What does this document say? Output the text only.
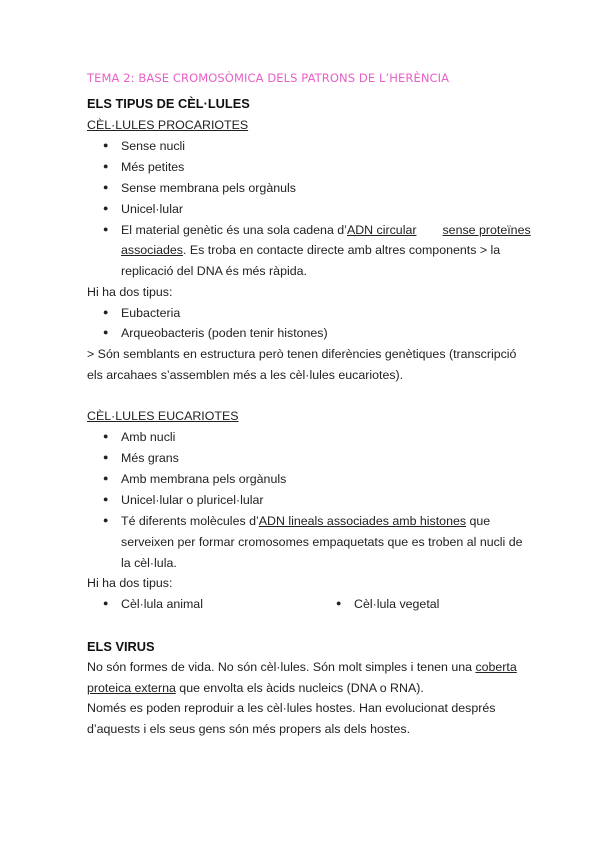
TEMA 2: BASE CROMOSÒMICA DELS PATRONS DE L’HERÈNCIA
ELS TIPUS DE CÈL·LULES
CÈL·LULES PROCARIOTES
● Sense nucli
● Més petites
● Sense membrana pels orgànuls
● Unicel·lular
● El material genètic és una sola cadena d’ADN circular sense proteïnes
associades. Es troba en contacte directe amb altres components > la
replicació del DNA és més ràpida.
Hi ha dos tipus:
● Eubacteria
● Arqueobacteris (poden tenir histones)
> Són semblants en estructura però tenen diferències genètiques (transcripció
els arcahaes s’assemblen més a les cèl·lules eucariotes).
CÈL·LULES EUCARIOTES
● Amb nucli
● Més grans
● Amb membrana pels orgànuls
● Unicel·lular o pluricel·lular
● Té diferents molècules d’ADN lineals associades amb histones que
serveixen per formar cromosomes empaquetats que es troben al nucli de
la cèl·lula.
Hi ha dos tipus:
● Cèl·lula animal	● Cèl·lula vegetal
ELS VIRUS
No són formes de vida. No són cèl·lules. Són molt simples i tenen una coberta
proteica externa que envolta els àcids nucleics (DNA o RNA).
Només es poden reproduir a les cèl·lules hostes. Han evolucionat després
d’aquests i els seus gens són més propers als dels hostes.
